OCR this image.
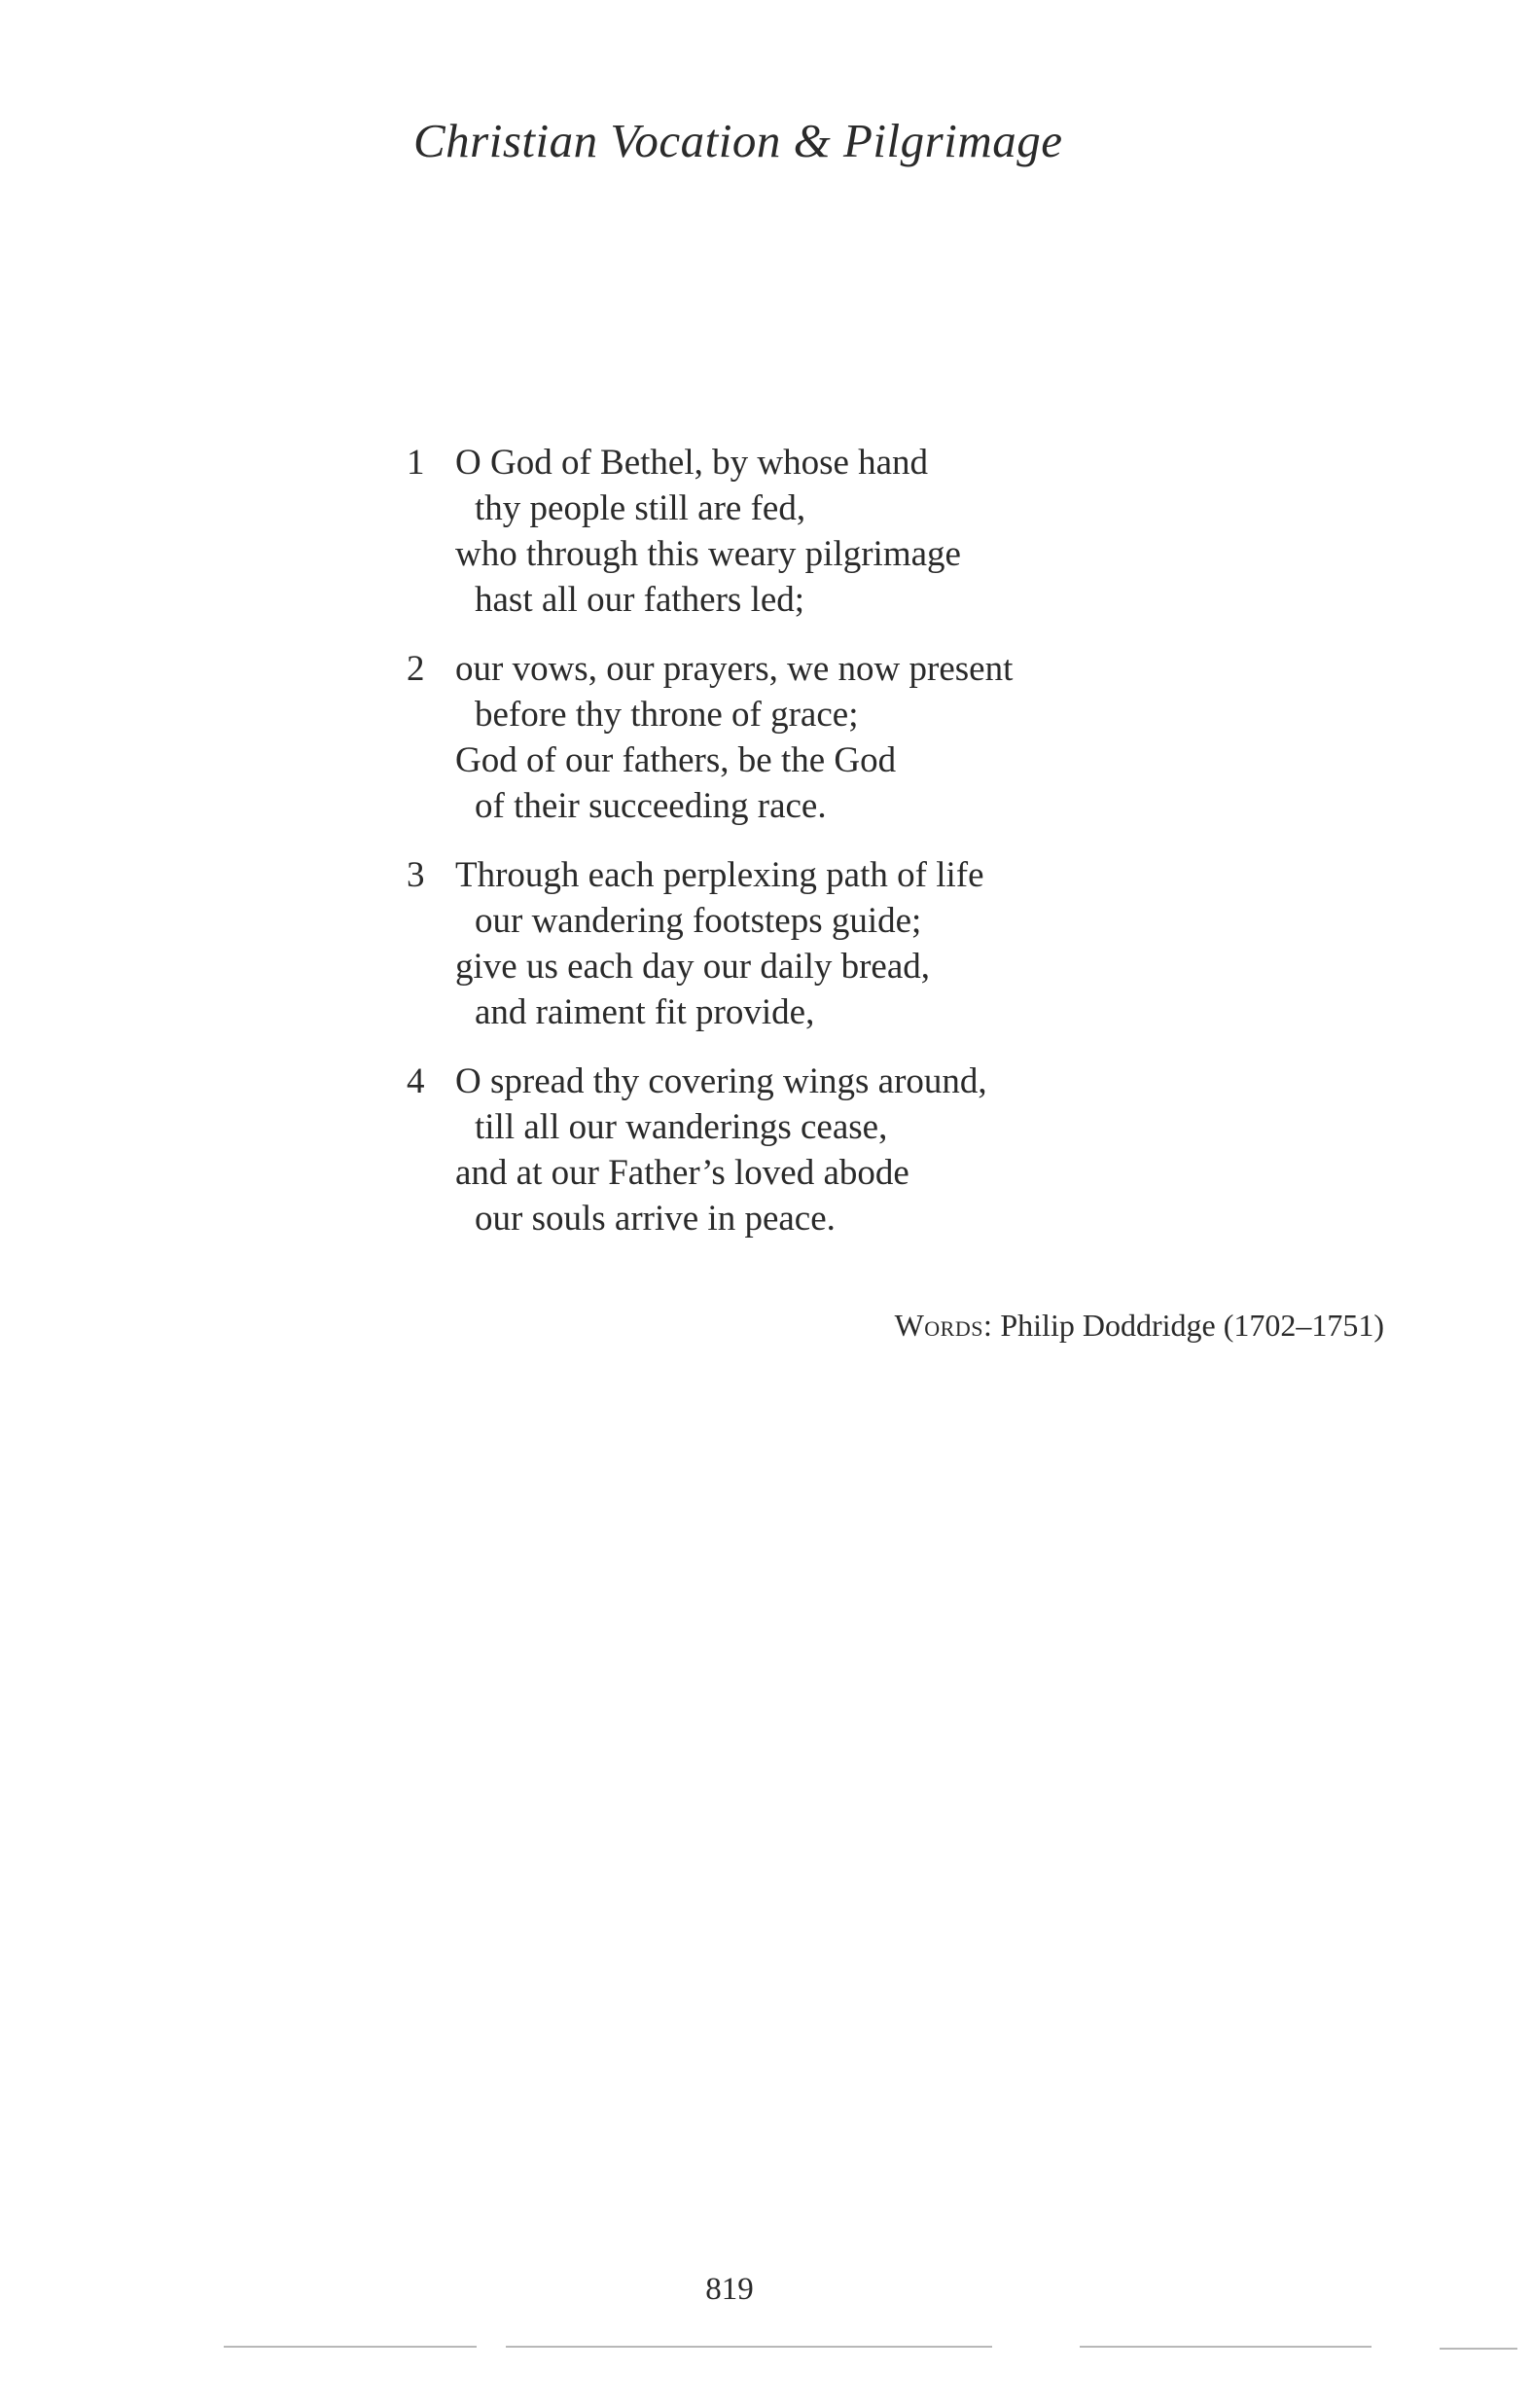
Christian Vocation & Pilgrimage
1 O God of Bethel, by whose hand
thy people still are fed,
who through this weary pilgrimage
hast all our fathers led;
2 our vows, our prayers, we now present
before thy throne of grace;
God of our fathers, be the God
of their succeeding race.
3 Through each perplexing path of life
our wandering footsteps guide;
give us each day our daily bread,
and raiment fit provide,
4 O spread thy covering wings around,
till all our wanderings cease,
and at our Father’s loved abode
our souls arrive in peace.
Words: Philip Doddridge (1702–1751)
819
